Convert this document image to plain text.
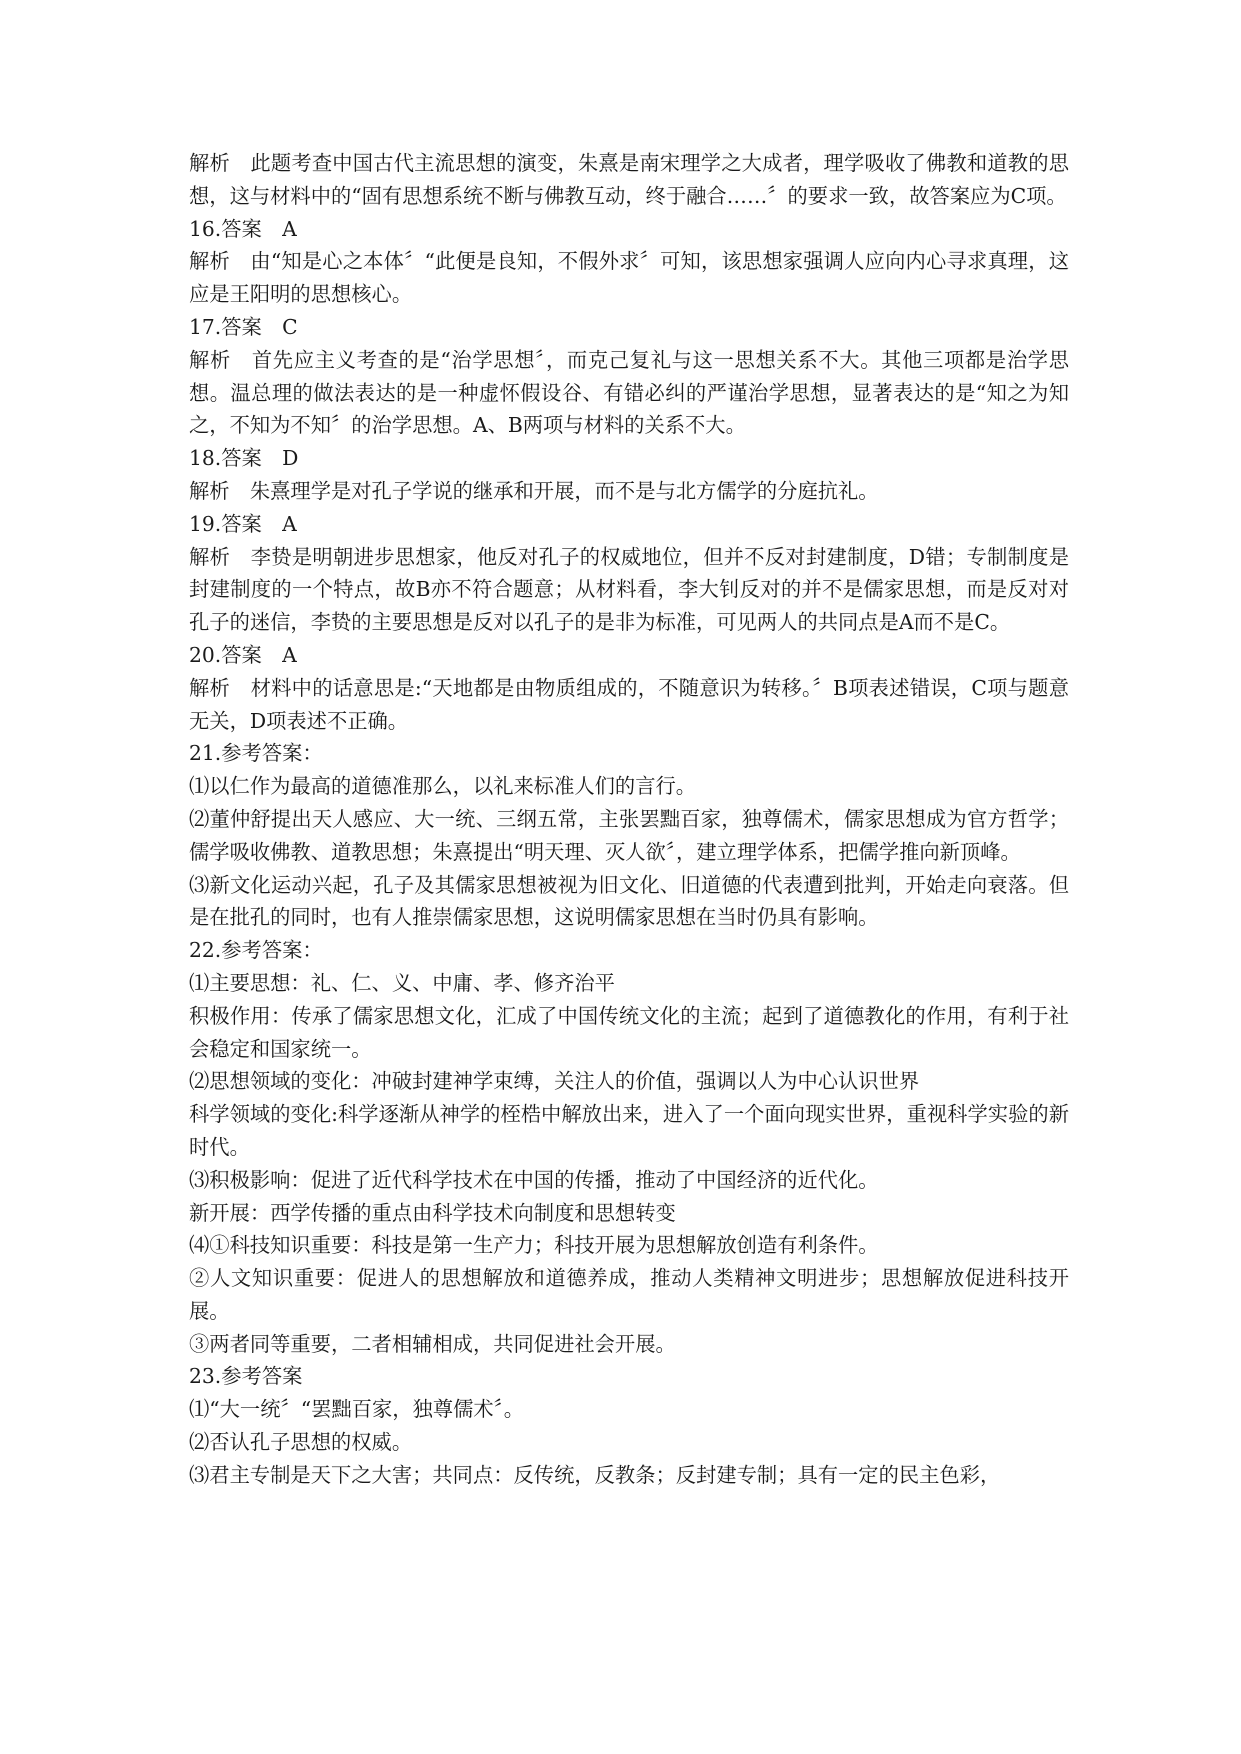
解析　此题考查中国古代主流思想的演变，朱熹是南宋理学之大成者，理学吸收了佛教和道教的思想，这与材料中的“固有思想系统不断与佛教互动，终于融合……〞的要求一致，故答案应为C项。
16.答案　A
解析　由“知是心之本体〞“此便是良知，不假外求〞可知，该思想家强调人应向内心寻求真理，这应是王阳明的思想核心。
17.答案　C
解析　首先应主义考查的是“治学思想〞，而克己复礼与这一思想关系不大。其他三项都是治学思想。温总理的做法表达的是一种虚怀假设谷、有错必纠的严谨治学思想，显著表达的是“知之为知之，不知为不知〞的治学思想。A、B两项与材料的关系不大。
18.答案　D
解析　朱熹理学是对孔子学说的继承和开展，而不是与北方儒学的分庭抗礼。
19.答案　A
解析　李贽是明朝进步思想家，他反对孔子的权威地位，但并不反对封建制度，D错；专制制度是封建制度的一个特点，故B亦不符合题意；从材料看，李大钊反对的并不是儒家思想，而是反对对孔子的迷信，李贽的主要思想是反对以孔子的是非为标准，可见两人的共同点是A而不是C。
20.答案　A
解析　材料中的话意思是:“天地都是由物质组成的，不随意识为转移。〞B项表述错误，C项与题意无关，D项表述不正确。
21.参考答案：
⑴以仁作为最高的道德准那么，以礼来标准人们的言行。
⑵董仲舒提出天人感应、大一统、三纲五常，主张罢黜百家，独尊儒术，儒家思想成为官方哲学；儒学吸收佛教、道教思想；朱熹提出“明天理、灭人欲〞，建立理学体系，把儒学推向新顶峰。
⑶新文化运动兴起，孔子及其儒家思想被视为旧文化、旧道德的代表遭到批判，开始走向衰落。但是在批孔的同时，也有人推崇儒家思想，这说明儒家思想在当时仍具有影响。
22.参考答案：
⑴主要思想：礼、仁、义、中庸、孝、修齐治平
积极作用：传承了儒家思想文化，汇成了中国传统文化的主流；起到了道德教化的作用，有利于社会稳定和国家统一。
⑵思想领域的变化：冲破封建神学束缚，关注人的价值，强调以人为中心认识世界
科学领域的变化:科学逐渐从神学的桎梏中解放出来，进入了一个面向现实世界，重视科学实验的新时代。
⑶积极影响：促进了近代科学技术在中国的传播，推动了中国经济的近代化。
新开展：西学传播的重点由科学技术向制度和思想转变
⑷①科技知识重要：科技是第一生产力；科技开展为思想解放创造有利条件。
②人文知识重要：促进人的思想解放和道德养成，推动人类精神文明进步；思想解放促进科技开展。
③两者同等重要，二者相辅相成，共同促进社会开展。
23.参考答案
⑴“大一统〞“罢黜百家，独尊儒术〞。
⑵否认孔子思想的权威。
⑶君主专制是天下之大害；共同点：反传统，反教条；反封建专制；具有一定的民主色彩，
